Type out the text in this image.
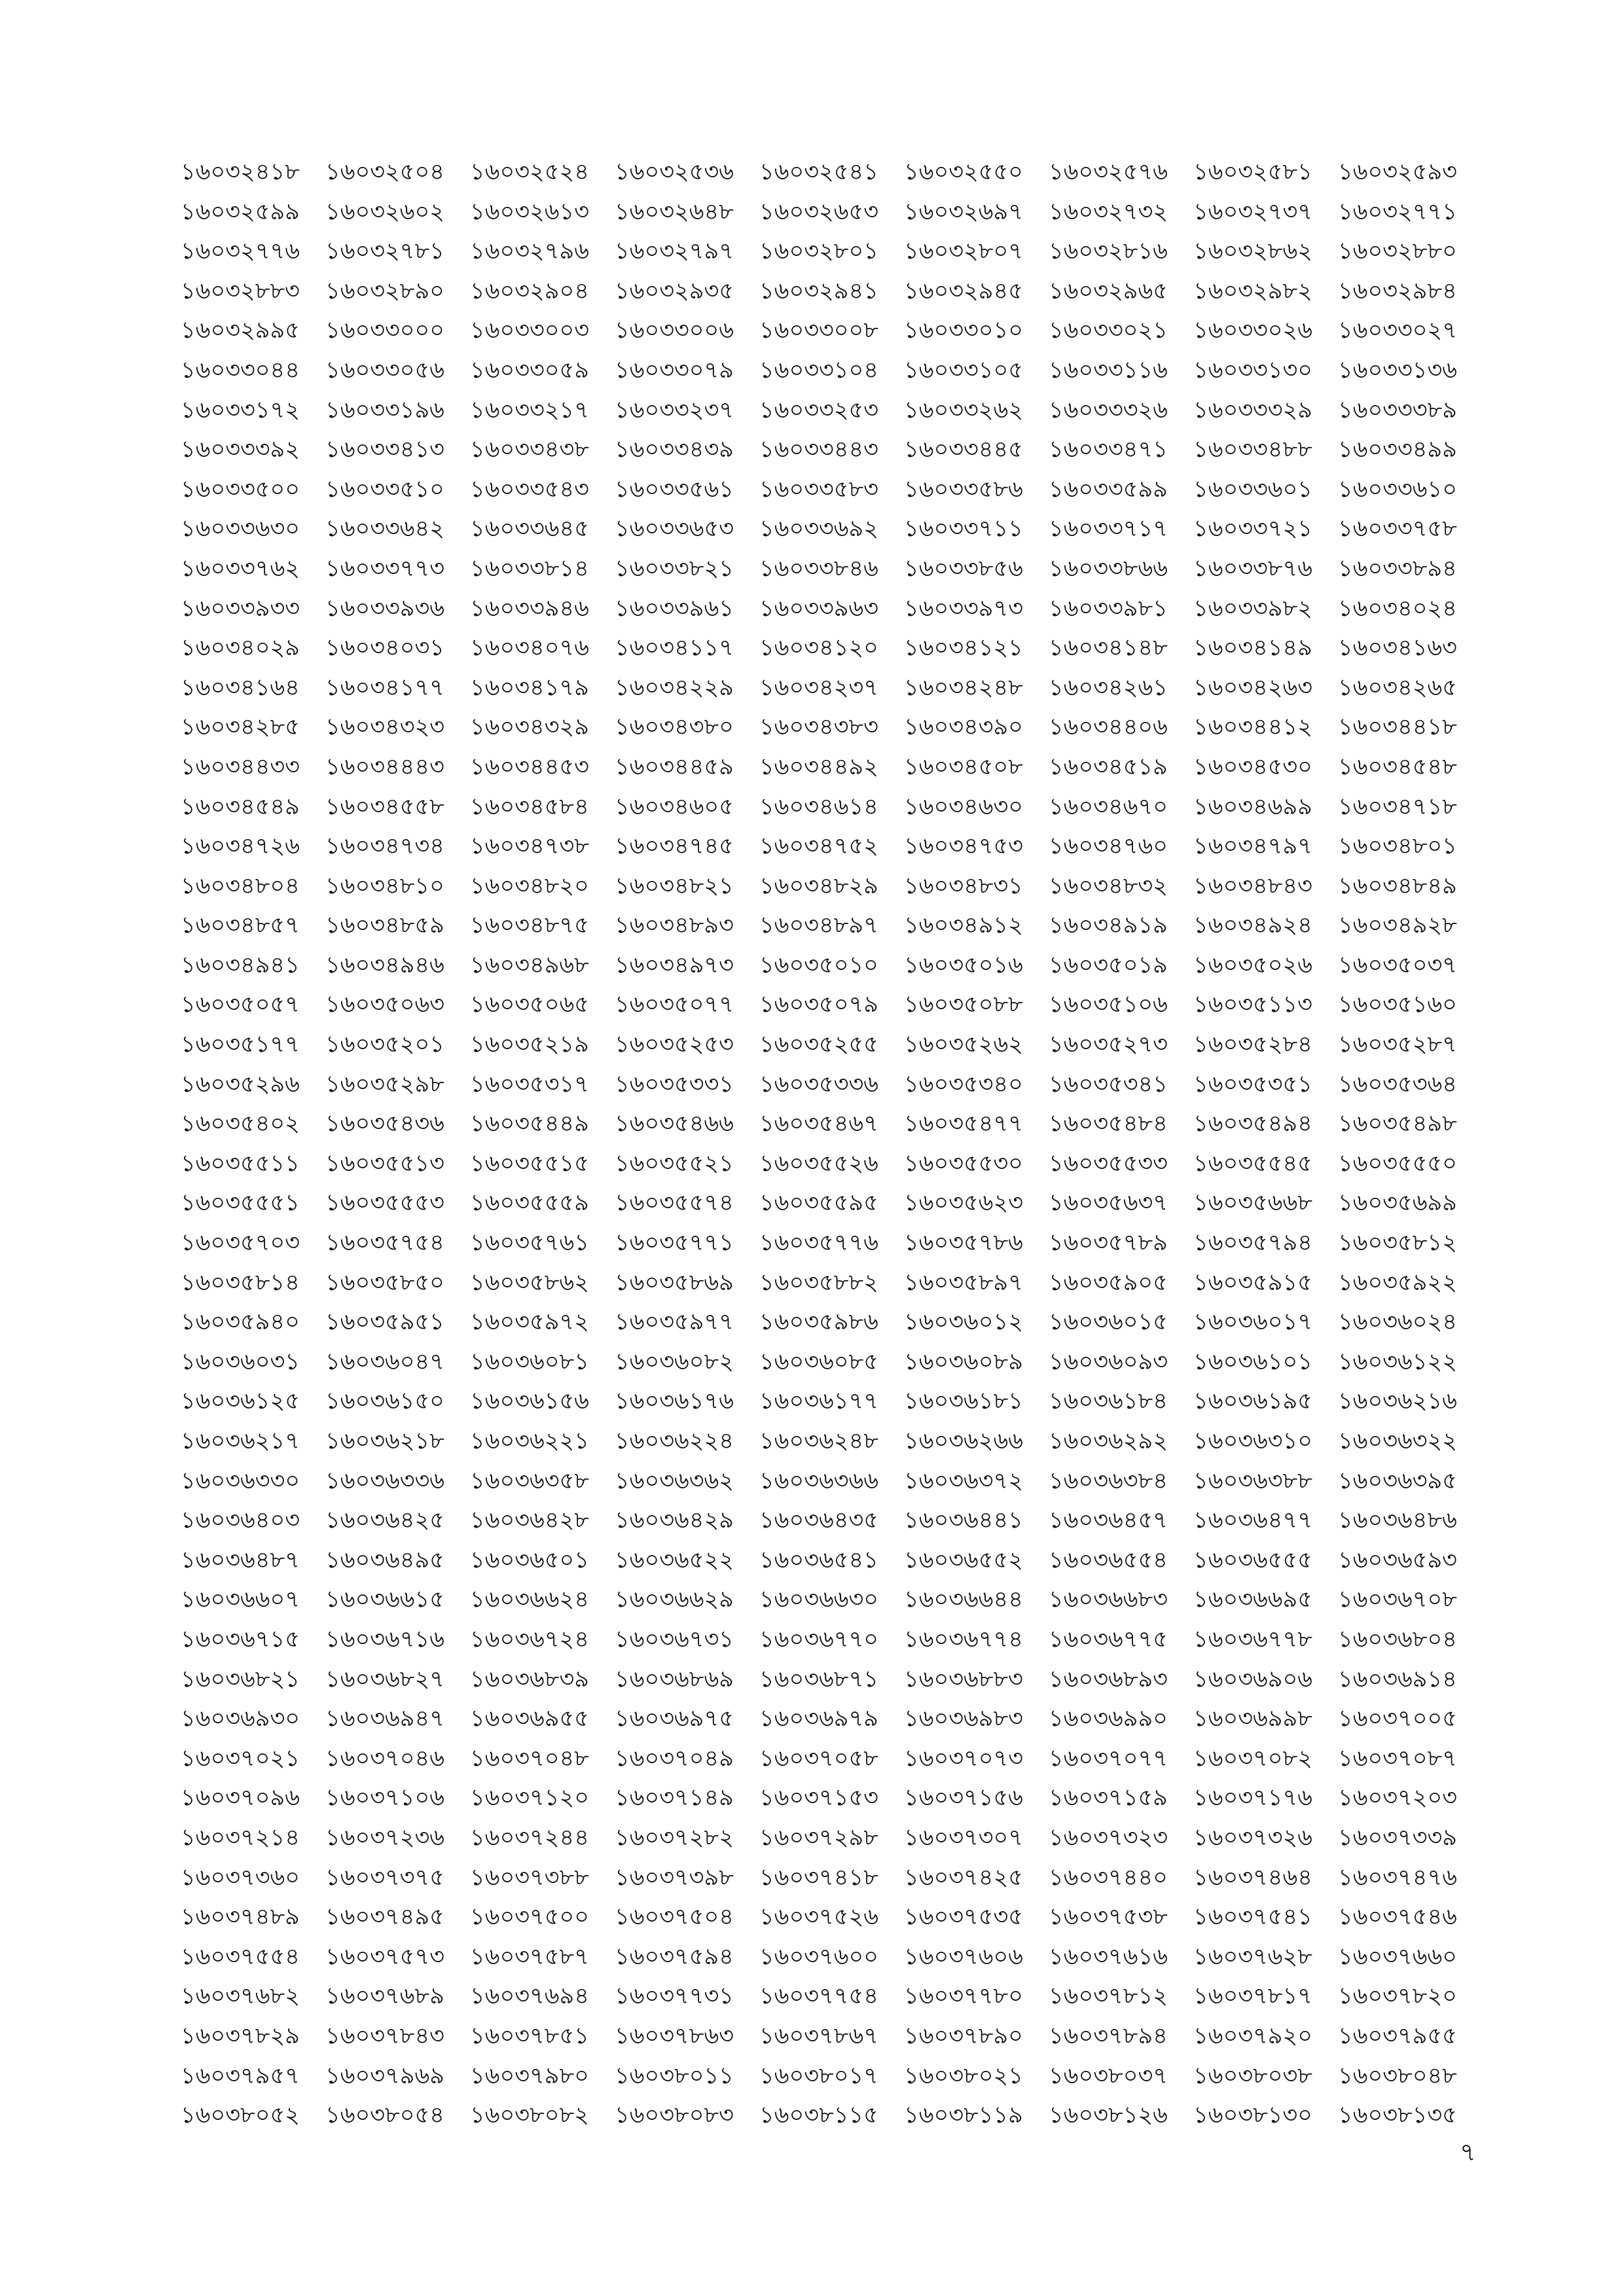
১৬০৩২৪১৮	১৬০৩২৫০৪	১৬০৩২৫২৪	১৬০৩২৫৩৬	১৬০৩২৫৪১	১৬০৩২৫৫০	১৬০৩২৫৭৬	১৬০৩২৫৮১	১৬০৩২৫৯৩
১৬০৩২৫৯৯	১৬০৩২৬০২	১৬০৩২৬১৩	১৬০৩২৬৪৮	১৬০৩২৬৫৩	১৬০৩২৬৯৭	১৬০৩২৭৩২	১৬০৩২৭৩৭	১৬০৩২৭৭১
১৬০৩২৭৭৬	১৬০৩২৭৮১	১৬০৩২৭৯৬	১৬০৩২৭৯৭	১৬০৩২৮০১	১৬০৩২৮০৭	১৬০৩২৮১৬	১৬০৩২৮৬২	১৬০৩২৮৮০
১৬০৩২৮৮৩	১৬০৩২৮৯০	১৬০৩২৯০৪	১৬০৩২৯৩৫	১৬০৩২৯৪১	১৬০৩২৯৪৫	১৬০৩২৯৬৫	১৬০৩২৯৮২	১৬০৩২৯৮৪
১৬০৩২৯৯৫	১৬০৩৩০০০	১৬০৩৩০০৩	১৬০৩৩০০৬	১৬০৩৩০০৮	১৬০৩৩০১০	১৬০৩৩০২১	১৬০৩৩০২৬	১৬০৩৩০২৭
১৬০৩৩০৪৪	১৬০৩৩০৫৬	১৬০৩৩০৫৯	১৬০৩৩০৭৯	১৬০৩৩১০৪	১৬০৩৩১০৫	১৬০৩৩১১৬	১৬০৩৩১৩০	১৬০৩৩১৩৬
১৬০৩৩১৭২	১৬০৩৩১৯৬	১৬০৩৩২১৭	১৬০৩৩২৩৭	১৬০৩৩২৫৩	১৬০৩৩২৬২	১৬০৩৩৩২৬	১৬০৩৩৩২৯	১৬০৩৩৩৮৯
১৬০৩৩৩৯২	১৬০৩৩৪১৩	১৬০৩৩৪৩৮	১৬০৩৩৪৩৯	১৬০৩৩৪৪৩	১৬০৩৩৪৪৫	১৬০৩৩৪৭১	১৬০৩৩৪৮৮	১৬০৩৩৪৯৯
১৬০৩৩৫০০	১৬০৩৩৫১০	১৬০৩৩৫৪৩	১৬০৩৩৫৬১	১৬০৩৩৫৮৩	১৬০৩৩৫৮৬	১৬০৩৩৫৯৯	১৬০৩৩৬০১	১৬০৩৩৬১০
১৬০৩৩৬৩০	১৬০৩৩৬৪২	১৬০৩৩৬৪৫	১৬০৩৩৬৫৩	১৬০৩৩৬৯২	১৬০৩৩৭১১	১৬০৩৩৭১৭	১৬০৩৩৭২১	১৬০৩৩৭৫৮
১৬০৩৩৭৬২	১৬০৩৩৭৭৩	১৬০৩৩৮১৪	১৬০৩৩৮২১	১৬০৩৩৮৪৬	১৬০৩৩৮৫৬	১৬০৩৩৮৬৬	১৬০৩৩৮৭৬	১৬০৩৩৮৯৪
১৬০৩৩৯৩৩	১৬০৩৩৯৩৬	১৬০৩৩৯৪৬	১৬০৩৩৯৬১	১৬০৩৩৯৬৩	১৬০৩৩৯৭৩	১৬০৩৩৯৮১	১৬০৩৩৯৮২	১৬০৩৪০২৪
১৬০৩৪০২৯	১৬০৩৪০৩১	১৬০৩৪০৭৬	১৬০৩৪১১৭	১৬০৩৪১২০	১৬০৩৪১২১	১৬০৩৪১৪৮	১৬০৩৪১৪৯	১৬০৩৪১৬৩
১৬০৩৪১৬৪	১৬০৩৪১৭৭	১৬০৩৪১৭৯	১৬০৩৪২২৯	১৬০৩৪২৩৭	১৬০৩৪২৪৮	১৬০৩৪২৬১	১৬০৩৪২৬৩	১৬০৩৪২৬৫
১৬০৩৪২৮৫	১৬০৩৪৩২৩	১৬০৩৪৩২৯	১৬০৩৪৩৮০	১৬০৩৪৩৮৩	১৬০৩৪৩৯০	১৬০৩৪৪০৬	১৬০৩৪৪১২	১৬০৩৪৪১৮
১৬০৩৪৪৩৩	১৬০৩৪৪৪৩	১৬০৩৪৪৫৩	১৬০৩৪৪৫৯	১৬০৩৪৪৯২	১৬০৩৪৫০৮	১৬০৩৪৫১৯	১৬০৩৪৫৩০	১৬০৩৪৫৪৮
১৬০৩৪৫৪৯	১৬০৩৪৫৫৮	১৬০৩৪৫৮৪	১৬০৩৪৬০৫	১৬০৩৪৬১৪	১৬০৩৪৬৩০	১৬০৩৪৬৭০	১৬০৩৪৬৯৯	১৬০৩৪৭১৮
১৬০৩৪৭২৬	১৬০৩৪৭৩৪	১৬০৩৪৭৩৮	১৬০৩৪৭৪৫	১৬০৩৪৭৫২	১৬০৩৪৭৫৩	১৬০৩৪৭৬০	১৬০৩৪৭৯৭	১৬০৩৪৮০১
১৬০৩৪৮০৪	১৬০৩৪৮১০	১৬০৩৪৮২০	১৬০৩৪৮২১	১৬০৩৪৮২৯	১৬০৩৪৮৩১	১৬০৩৪৮৩২	১৬০৩৪৮৪৩	১৬০৩৪৮৪৯
১৬০৩৪৮৫৭	১৬০৩৪৮৫৯	১৬০৩৪৮৭৫	১৬০৩৪৮৯৩	১৬০৩৪৮৯৭	১৬০৩৪৯১২	১৬০৩৪৯১৯	১৬০৩৪৯২৪	১৬০৩৪৯২৮
১৬০৩৪৯৪১	১৬০৩৪৯৪৬	১৬০৩৪৯৬৮	১৬০৩৪৯৭৩	১৬০৩৫০১০	১৬০৩৫০১৬	১৬০৩৫০১৯	১৬০৩৫০২৬	১৬০৩৫০৩৭
১৬০৩৫০৫৭	১৬০৩৫০৬৩	১৬০৩৫০৬৫	১৬০৩৫০৭৭	১৬০৩৫০৭৯	১৬০৩৫০৮৮	১৬০৩৫১০৬	১৬০৩৫১১৩	১৬০৩৫১৬০
১৬০৩৫১৭৭	১৬০৩৫২০১	১৬০৩৫২১৯	১৬০৩৫২৫৩	১৬০৩৫২৫৫	১৬০৩৫২৬২	১৬০৩৫২৭৩	১৬০৩৫২৮৪	১৬০৩৫২৮৭
১৬০৩৫২৯৬	১৬০৩৫২৯৮	১৬০৩৫৩১৭	১৬০৩৫৩৩১	১৬০৩৫৩৩৬	১৬০৩৫৩৪০	১৬০৩৫৩৪১	১৬০৩৫৩৫১	১৬০৩৫৩৬৪
১৬০৩৫৪০২	১৬০৩৫৪৩৬	১৬০৩৫৪৪৯	১৬০৩৫৪৬৬	১৬০৩৫৪৬৭	১৬০৩৫৪৭৭	১৬০৩৫৪৮৪	১৬০৩৫৪৯৪	১৬০৩৫৪৯৮
১৬০৩৫৫১১	১৬০৩৫৫১৩	১৬০৩৫৫১৫	১৬০৩৫৫২১	১৬০৩৫৫২৬	১৬০৩৫৫৩০	১৬০৩৫৫৩৩	১৬০৩৫৫৪৫	১৬০৩৫৫৫০
১৬০৩৫৫৫১	১৬০৩৫৫৫৩	১৬০৩৫৫৫৯	১৬০৩৫৫৭৪	১৬০৩৫৫৯৫	১৬০৩৫৬২৩	১৬০৩৫৬৩৭	১৬০৩৫৬৬৮	১৬০৩৫৬৯৯
১৬০৩৫৭০৩	১৬০৩৫৭৫৪	১৬০৩৫৭৬১	১৬০৩৫৭৭১	১৬০৩৫৭৭৬	১৬০৩৫৭৮৬	১৬০৩৫৭৮৯	১৬০৩৫৭৯৪	১৬০৩৫৮১২
১৬০৩৫৮১৪	১৬০৩৫৮৫০	১৬০৩৫৮৬২	১৬০৩৫৮৬৯	১৬০৩৫৮৮২	১৬০৩৫৮৯৭	১৬০৩৫৯০৫	১৬০৩৫৯১৫	১৬০৩৫৯২২
১৬০৩৫৯৪০	১৬০৩৫৯৫১	১৬০৩৫৯৭২	১৬০৩৫৯৭৭	১৬০৩৫৯৮৬	১৬০৩৬০১২	১৬০৩৬০১৫	১৬০৩৬০১৭	১৬০৩৬০২৪
১৬০৩৬০৩১	১৬০৩৬০৪৭	১৬০৩৬০৮১	১৬০৩৬০৮২	১৬০৩৬০৮৫	১৬০৩৬০৮৯	১৬০৩৬০৯৩	১৬০৩৬১০১	১৬০৩৬১২২
১৬০৩৬১২৫	১৬০৩৬১৫০	১৬০৩৬১৫৬	১৬০৩৬১৭৬	১৬০৩৬১৭৭	১৬০৩৬১৮১	১৬০৩৬১৮৪	১৬০৩৬১৯৫	১৬০৩৬২১৬
১৬০৩৬২১৭	১৬০৩৬২১৮	১৬০৩৬২২১	১৬০৩৬২২৪	১৬০৩৬২৪৮	১৬০৩৬২৬৬	১৬০৩৬২৯২	১৬০৩৬৩১০	১৬০৩৬৩২২
১৬০৩৬৩৩০	১৬০৩৬৩৩৬	১৬০৩৬৩৫৮	১৬০৩৬৩৬২	১৬০৩৬৩৬৬	১৬০৩৬৩৭২	১৬০৩৬৩৮৪	১৬০৩৬৩৮৮	১৬০৩৬৩৯৫
১৬০৩৬৪০৩	১৬০৩৬৪২৫	১৬০৩৬৪২৮	১৬০৩৬৪২৯	১৬০৩৬৪৩৫	১৬০৩৬৪৪১	১৬০৩৬৪৫৭	১৬০৩৬৪৭৭	১৬০৩৬৪৮৬
১৬০৩৬৪৮৭	১৬০৩৬৪৯৫	১৬০৩৬৫০১	১৬০৩৬৫২২	১৬০৩৬৫৪১	১৬০৩৬৫৫২	১৬০৩৬৫৫৪	১৬০৩৬৫৫৫	১৬০৩৬৫৯৩
১৬০৩৬৬০৭	১৬০৩৬৬১৫	১৬০৩৬৬২৪	১৬০৩৬৬২৯	১৬০৩৬৬৩০	১৬০৩৬৬৪৪	১৬০৩৬৬৮৩	১৬০৩৬৬৯৫	১৬০৩৬৭০৮
১৬০৩৬৭১৫	১৬০৩৬৭১৬	১৬০৩৬৭২৪	১৬০৩৬৭৩১	১৬০৩৬৭৭০	১৬০৩৬৭৭৪	১৬০৩৬৭৭৫	১৬০৩৬৭৭৮	১৬০৩৬৮০৪
১৬০৩৬৮২১	১৬০৩৬৮২৭	১৬০৩৬৮৩৯	১৬০৩৬৮৬৯	১৬০৩৬৮৭১	১৬০৩৬৮৮৩	১৬০৩৬৮৯৩	১৬০৩৬৯০৬	১৬০৩৬৯১৪
১৬০৩৬৯৩০	১৬০৩৬৯৪৭	১৬০৩৬৯৫৫	১৬০৩৬৯৭৫	১৬০৩৬৯৭৯	১৬০৩৬৯৮৩	১৬০৩৬৯৯০	১৬০৩৬৯৯৮	১৬০৩৭০০৫
১৬০৩৭০২১	১৬০৩৭০৪৬	১৬০৩৭০৪৮	১৬০৩৭০৪৯	১৬০৩৭০৫৮	১৬০৩৭০৭৩	১৬০৩৭০৭৭	১৬০৩৭০৮২	১৬০৩৭০৮৭
১৬০৩৭০৯৬	১৬০৩৭১০৬	১৬০৩৭১২০	১৬০৩৭১৪৯	১৬০৩৭১৫৩	১৬০৩৭১৫৬	১৬০৩৭১৫৯	১৬০৩৭১৭৬	১৬০৩৭২০৩
১৬০৩৭২১৪	১৬০৩৭২৩৬	১৬০৩৭২৪৪	১৬০৩৭২৮২	১৬০৩৭২৯৮	১৬০৩৭৩০৭	১৬০৩৭৩২৩	১৬০৩৭৩২৬	১৬০৩৭৩৩৯
১৬০৩৭৩৬০	১৬০৩৭৩৭৫	১৬০৩৭৩৮৮	১৬০৩৭৩৯৮	১৬০৩৭৪১৮	১৬০৩৭৪২৫	১৬০৩৭৪৪০	১৬০৩৭৪৬৪	১৬০৩৭৪৭৬
১৬০৩৭৪৮৯	১৬০৩৭৪৯৫	১৬০৩৭৫০০	১৬০৩৭৫০৪	১৬০৩৭৫২৬	১৬০৩৭৫৩৫	১৬০৩৭৫৩৮	১৬০৩৭৫৪১	১৬০৩৭৫৪৬
১৬০৩৭৫৫৪	১৬০৩৭৫৭৩	১৬০৩৭৫৮৭	১৬০৩৭৫৯৪	১৬০৩৭৬০০	১৬০৩৭৬০৬	১৬০৩৭৬১৬	১৬০৩৭৬২৮	১৬০৩৭৬৬০
১৬০৩৭৬৮২	১৬০৩৭৬৮৯	১৬০৩৭৬৯৪	১৬০৩৭৭৩১	১৬০৩৭৭৫৪	১৬০৩৭৭৮০	১৬০৩৭৮১২	১৬০৩৭৮১৭	১৬০৩৭৮২০
১৬০৩৭৮২৯	১৬০৩৭৮৪৩	১৬০৩৭৮৫১	১৬০৩৭৮৬৩	১৬০৩৭৮৬৭	১৬০৩৭৮৯০	১৬০৩৭৮৯৪	১৬০৩৭৯২০	১৬০৩৭৯৫৫
১৬০৩৭৯৫৭	১৬০৩৭৯৬৯	১৬০৩৭৯৮০	১৬০৩৮০১১	১৬০৩৮০১৭	১৬০৩৮০২১	১৬০৩৮০৩৭	১৬০৩৮০৩৮	১৬০৩৮০৪৮
১৬০৩৮০৫২	১৬০৩৮০৫৪	১৬০৩৮০৮২	১৬০৩৮০৮৩	১৬০৩৮১১৫	১৬০৩৮১১৯	১৬০৩৮১২৬	১৬০৩৮১৩০	১৬০৩৮১৩৫
৭
